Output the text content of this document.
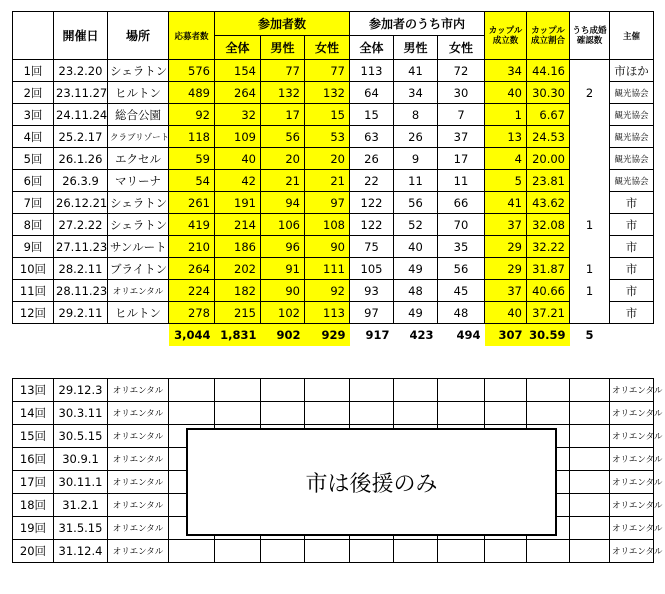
	開催日	場所	応募者数	参加者数			参加者のうち市内			カップル成立数	カップル成立割合	うち成婚確認数	主催
				全体	男性	女性	全体	男性	女性				
1回	23.2.20	シェラトン	576	154	77	77	113	41	72	34	44.16		市ほか
2回	23.11.27	ヒルトン	489	264	132	132	64	34	30	40	30.30	2	観光協会
3回	24.11.24	総合公園	92	32	17	15	15	8	7	1	6.67		観光協会
4回	25.2.17	クラブリゾート	118	109	56	53	63	26	37	13	24.53		観光協会
5回	26.1.26	エクセル	59	40	20	20	26	9	17	4	20.00		観光協会
6回	26.3.9	マリーナ	54	42	21	21	22	11	11	5	23.81		観光協会
7回	26.12.21	シェラトン	261	191	94	97	122	56	66	41	43.62		市
8回	27.2.22	シェラトン	419	214	106	108	122	52	70	37	32.08	1	市
9回	27.11.23	サンルート	210	186	96	90	75	40	35	29	32.22		市
10回	28.2.11	ブライトン	264	202	91	111	105	49	56	29	31.87	1	市
11回	28.11.23	オリエンタル	224	182	90	92	93	48	45	37	40.66	1	市
12回	29.2.11	ヒルトン	278	215	102	113	97	49	48	40	37.21		市
			3,044	1,831	902	929	917	423	494	307	30.59	5	
13回	29.12.3	オリエンタル											オリエンタル
14回	30.3.11	オリエンタル											オリエンタル
15回	30.5.15	オリエンタル											オリエンタル
16回	30.9.1	オリエンタル											オリエンタル
17回	30.11.1	オリエンタル											オリエンタル
18回	31.2.1	オリエンタル											オリエンタル
19回	31.5.15	オリエンタル											オリエンタル
20回	31.12.4	オリエンタル											オリエンタル
市は後援のみ
